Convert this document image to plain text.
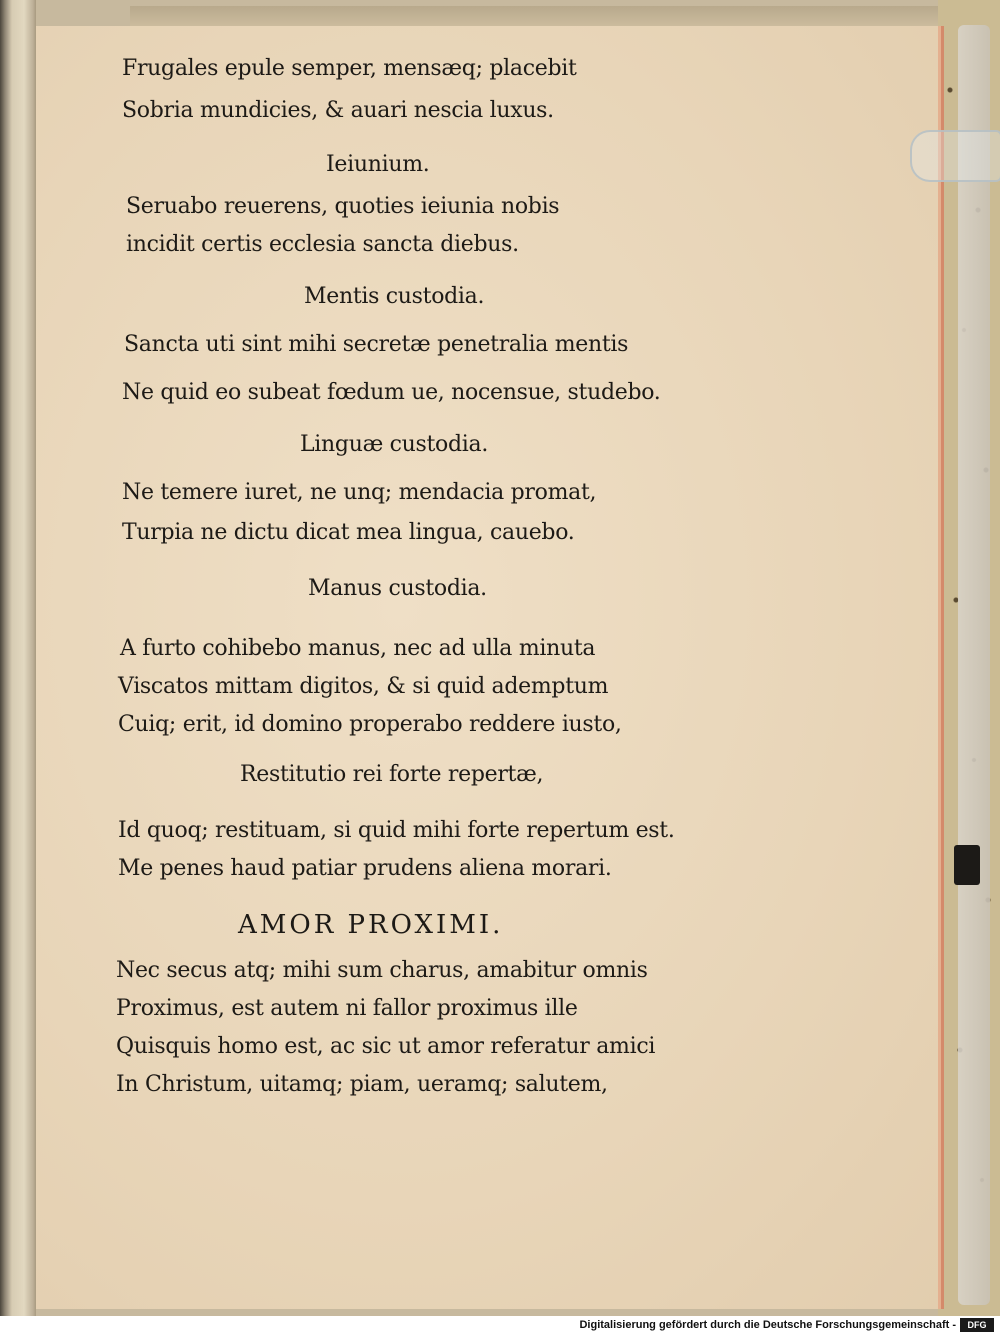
Frugales epule semper, mensæq; placebit
Sobria mundicies, & auari nescia luxus.
Ieiunium.
Seruabo reuerens, quoties ieiunia nobis
incidit certis ecclesia sancta diebus.
Mentis custodia.
Sancta uti sint mihi secretæ penetralia mentis
Ne quid eo subeat fœdum ue, nocensue, studebo.
Linguæ custodia.
Ne temere iuret, ne unq; mendacia promat,
Turpia ne dictu dicat mea lingua, cauebo.
Manus custodia.
A furto cohibebo manus, nec ad ulla minuta
Viscatos mittam digitos, & si quid ademptum
Cuiq; erit, id domino properabo reddere iusto,
Restitutio rei forte repertæ,
Id quoq; restituam, si quid mihi forte repertum est.
Me penes haud patiar prudens aliena morari.
AMOR PROXIMI.
Nec secus atq; mihi sum charus, amabitur omnis
Proximus, est autem ni fallor proximus ille
Quisquis homo est, ac sic ut amor referatur amici
In Christum, uitamq; piam, ueramq; salutem,
Digitalisierung gefördert durch die Deutsche Forschungsgemeinschaft -	DFG
